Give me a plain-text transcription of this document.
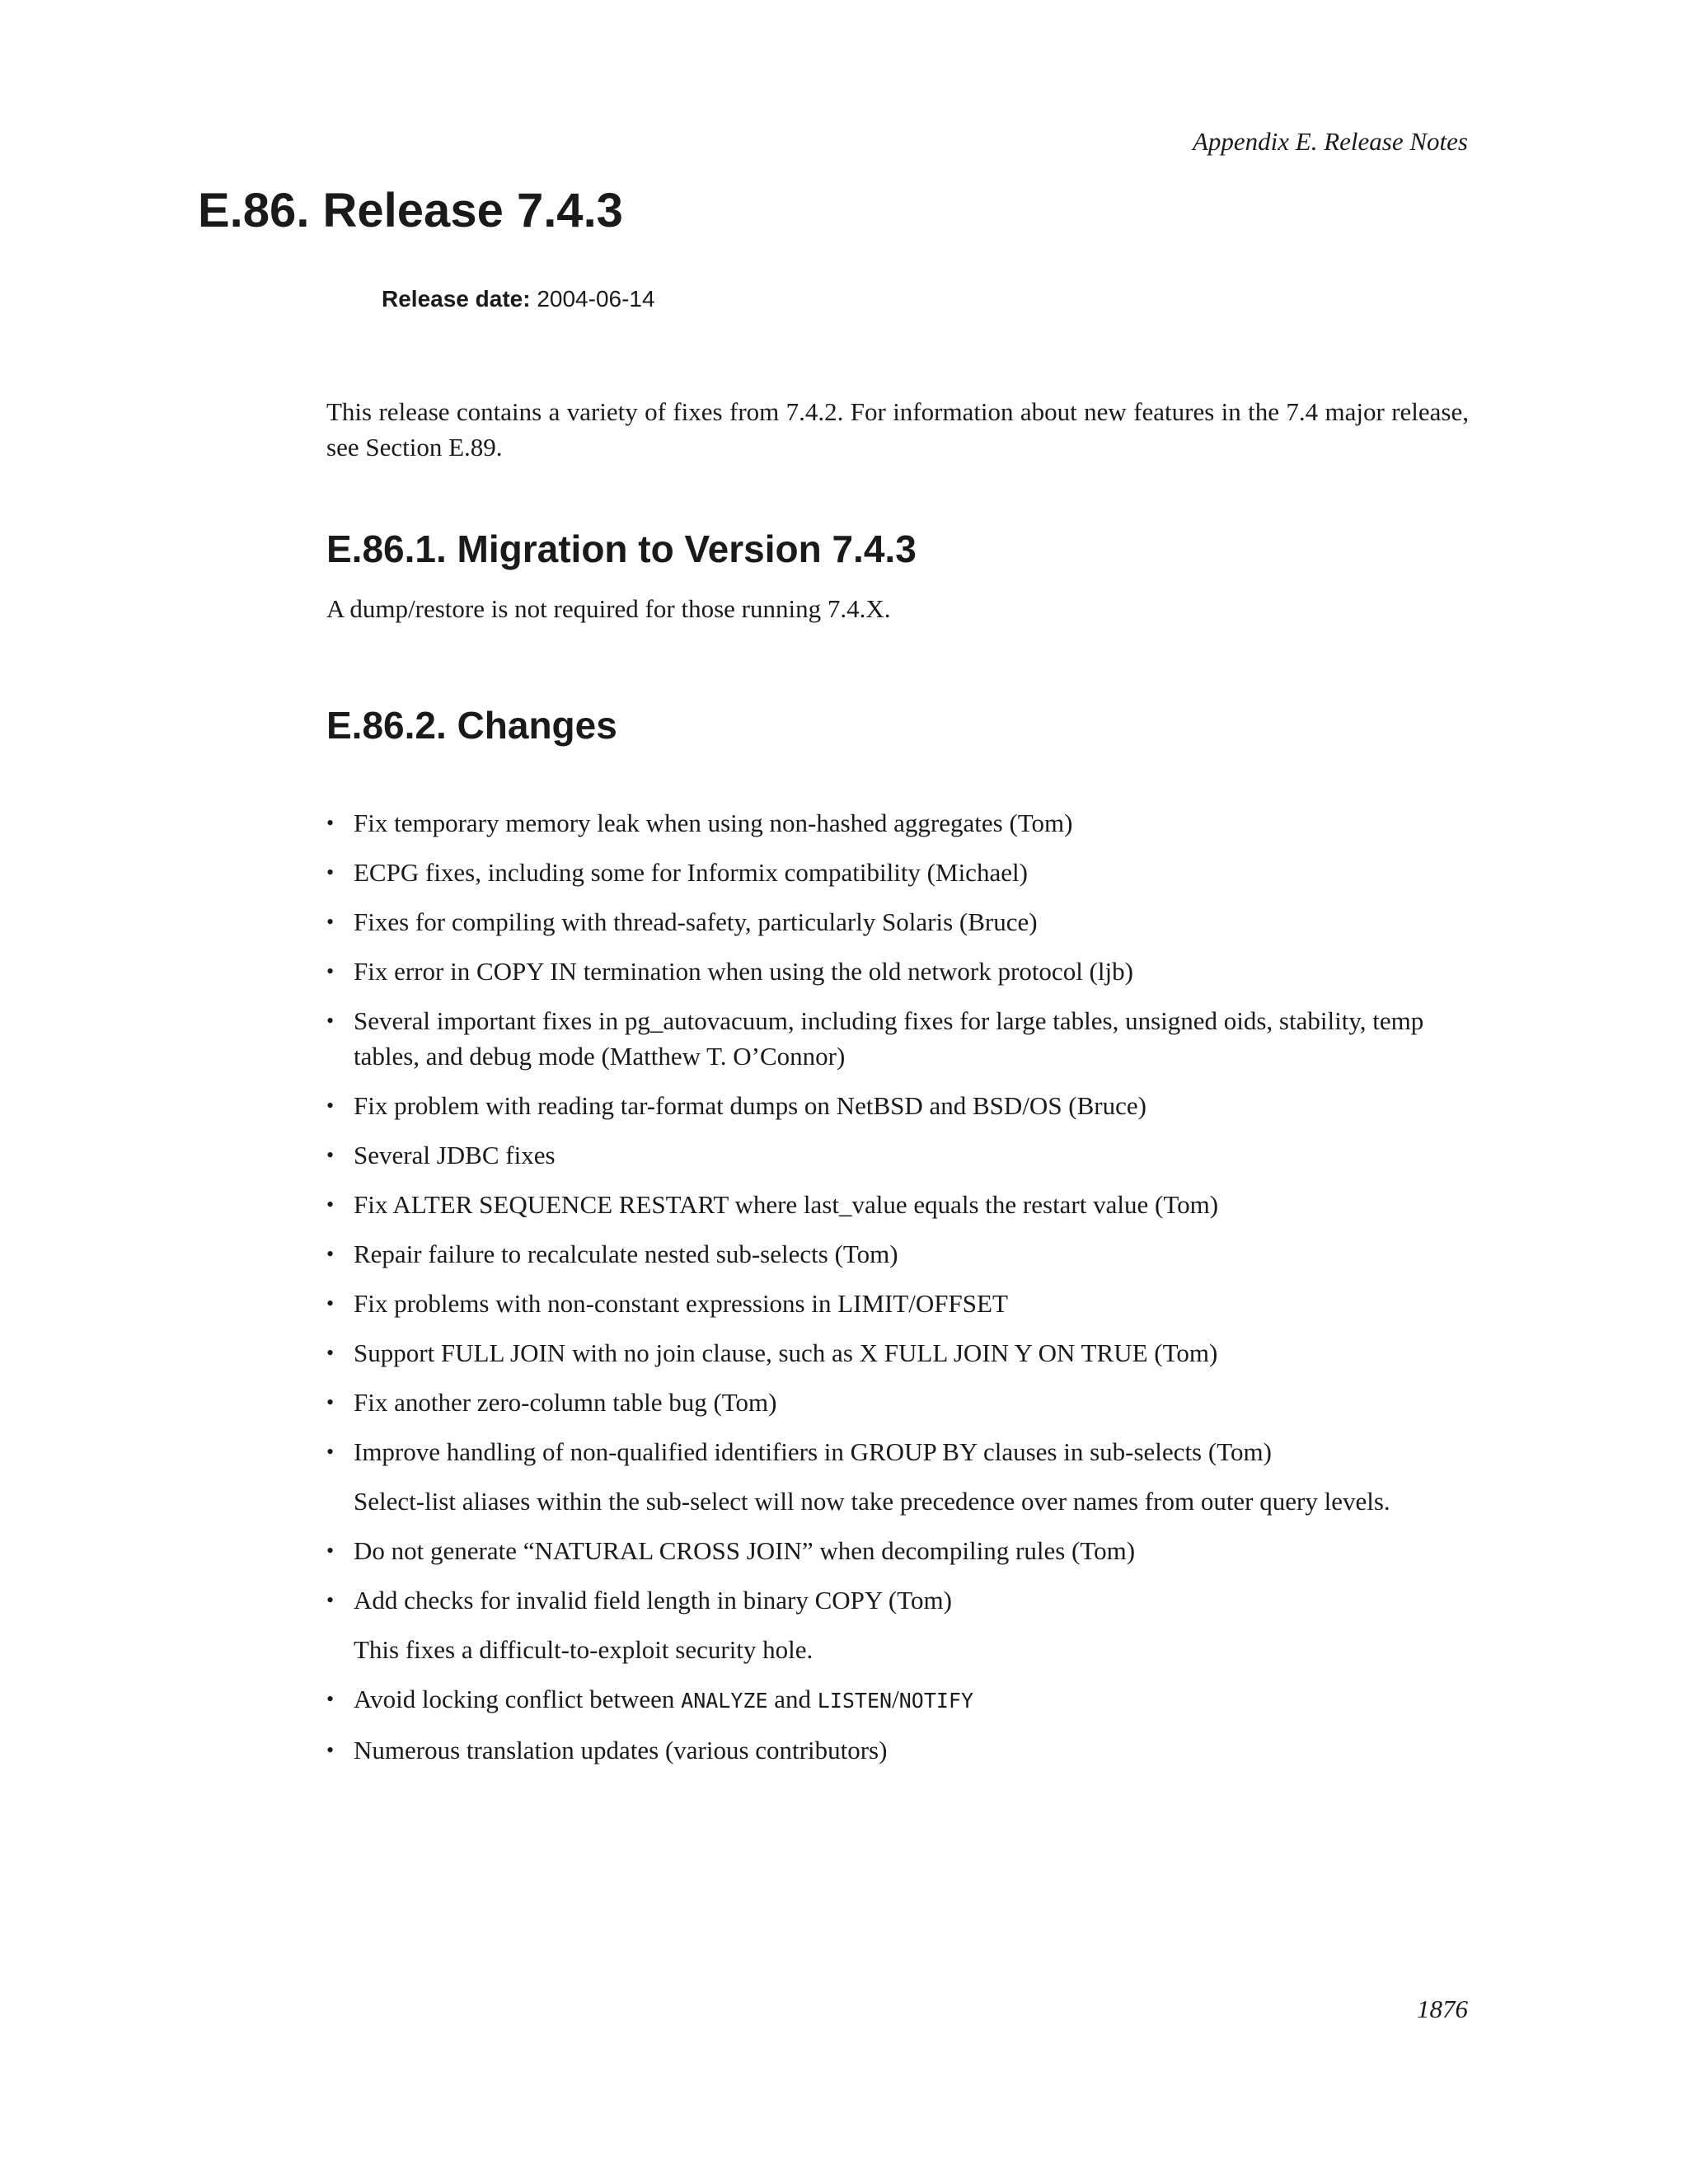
Appendix E. Release Notes
E.86. Release 7.4.3
Release date: 2004-06-14

This release contains a variety of fixes from 7.4.2. For information about new features in the 7.4 major release, see Section E.89.

E.86.1. Migration to Version 7.4.3

A dump/restore is not required for those running 7.4.X.

E.86.2. Changes
• Fix temporary memory leak when using non-hashed aggregates (Tom)
• ECPG fixes, including some for Informix compatibility (Michael)
• Fixes for compiling with thread-safety, particularly Solaris (Bruce)
• Fix error in COPY IN termination when using the old network protocol (ljb)
• Several important fixes in pg_autovacuum, including fixes for large tables, unsigned oids, stability, temp tables, and debug mode (Matthew T. O’Connor)
• Fix problem with reading tar-format dumps on NetBSD and BSD/OS (Bruce)
• Several JDBC fixes
• Fix ALTER SEQUENCE RESTART where last_value equals the restart value (Tom)
• Repair failure to recalculate nested sub-selects (Tom)
• Fix problems with non-constant expressions in LIMIT/OFFSET
• Support FULL JOIN with no join clause, such as X FULL JOIN Y ON TRUE (Tom)
• Fix another zero-column table bug (Tom)
• Improve handling of non-qualified identifiers in GROUP BY clauses in sub-selects (Tom)
Select-list aliases within the sub-select will now take precedence over names from outer query levels.
• Do not generate “NATURAL CROSS JOIN” when decompiling rules (Tom)
• Add checks for invalid field length in binary COPY (Tom)
This fixes a difficult-to-exploit security hole.
• Avoid locking conflict between ANALYZE and LISTEN/NOTIFY
• Numerous translation updates (various contributors)
1876
